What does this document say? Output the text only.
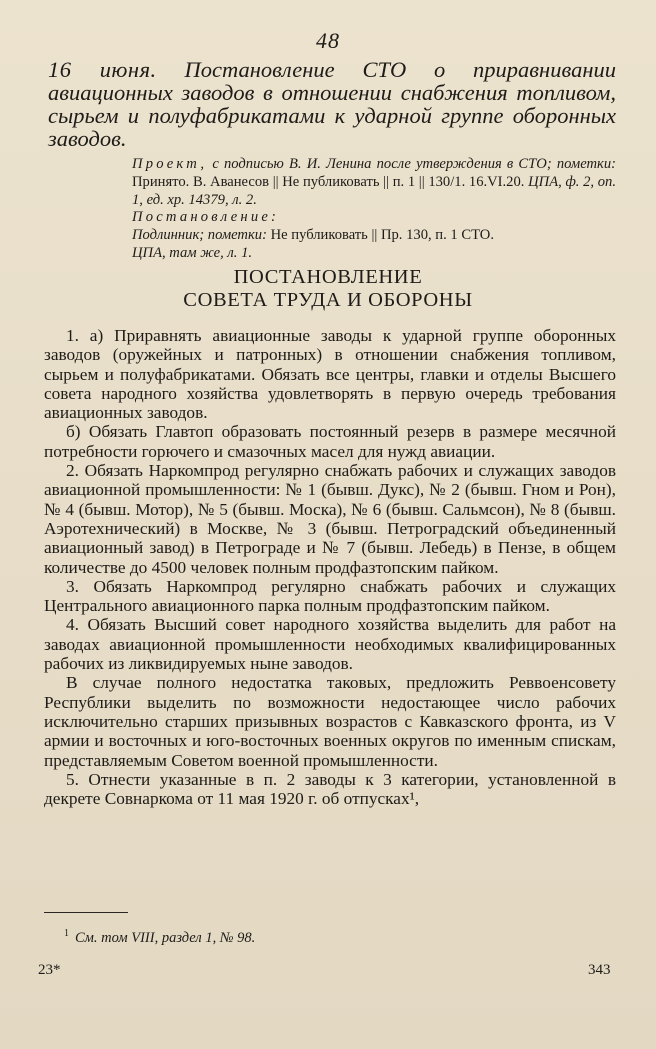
48
16 июня. Постановление СТО о приравнивании авиационных заводов в отношении снабжения топливом, сырьем и полуфабрикатами к ударной группе оборонных заводов.

Проект, с подписью В. И. Ленина после утверждения в СТО; пометки: Принято. В. Аванесов || Не публиковать || п. 1 || 130/1. 16.VI.20. ЦПА, ф. 2, оп. 1, ед. хр. 14379, л. 2.

Постановление:

Подлинник; пометки: Не публиковать || Пр. 130, п. 1 СТО.

ЦПА, там же, л. 1.

ПОСТАНОВЛЕНИЕ
СОВЕТА ТРУДА И ОБОРОНЫ

1. а) Приравнять авиационные заводы к ударной группе оборонных заводов (оружейных и патронных) в отношении снабжения топливом, сырьем и полуфабрикатами. Обязать все центры, главки и отделы Высшего совета народного хозяйства удовлетворять в первую очередь требования авиационных заводов.

б) Обязать Главтоп образовать постоянный резерв в размере месячной потребности горючего и смазочных масел для нужд авиации.

2. Обязать Наркомпрод регулярно снабжать рабочих и служащих заводов авиационной промышленности: № 1 (бывш. Дукс), № 2 (бывш. Гном и Рон), № 4 (бывш. Мотор), № 5 (бывш. Моска), № 6 (бывш. Сальмсон), № 8 (бывш. Аэротехнический) в Москве, № 3 (бывш. Петроградский объединенный авиационный завод) в Петрограде и № 7 (бывш. Лебедь) в Пензе, в общем количестве до 4500 человек полным продфазтопским пайком.

3. Обязать Наркомпрод регулярно снабжать рабочих и служащих Центрального авиационного парка полным продфазтопским пайком.

4. Обязать Высший совет народного хозяйства выделить для работ на заводах авиационной промышленности необходимых квалифицированных рабочих из ликвидируемых ныне заводов.

В случае полного недостатка таковых, предложить Реввоенсовету Республики выделить по возможности недостающее число рабочих исключительно старших призывных возрастов с Кавказского фронта, из V армии и восточных и юго-восточных военных округов по именным спискам, представляемым Советом военной промышленности.

5. Отнести указанные в п. 2 заводы к 3 категории, установленной в декрете Совнаркома от 11 мая 1920 г. об отпусках¹,

$^1$ См. том VIII, раздел 1, № 98.
23*	343
